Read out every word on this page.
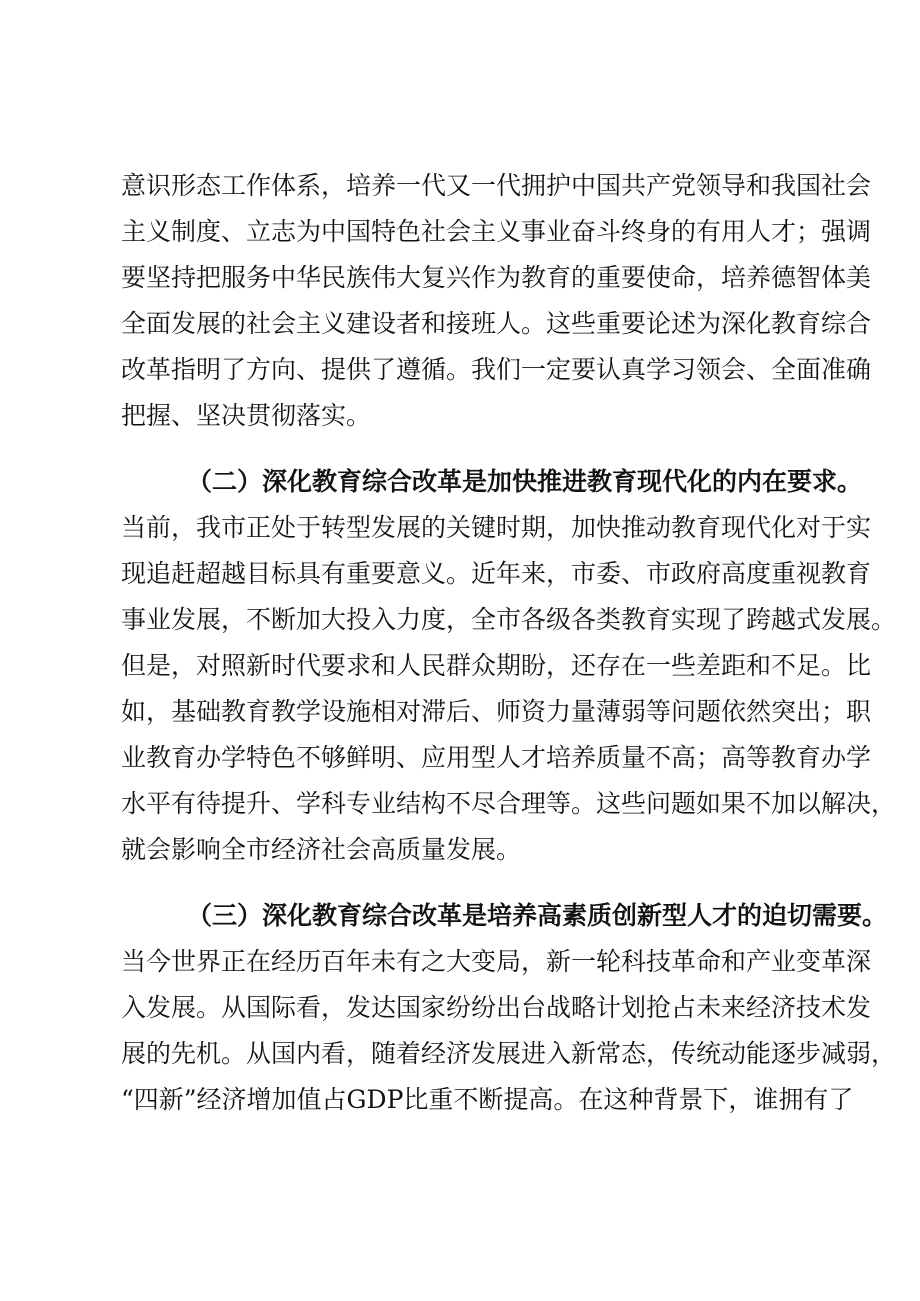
意识形态工作体系，培养一代又一代拥护中国共产党领导和我国社会
主义制度、立志为中国特色社会主义事业奋斗终身的有用人才；强调
要坚持把服务中华民族伟大复兴作为教育的重要使命，培养德智体美
全面发展的社会主义建设者和接班人。这些重要论述为深化教育综合
改革指明了方向、提供了遵循。我们一定要认真学习领会、全面准确
把握、坚决贯彻落实。
（二）深化教育综合改革是加快推进教育现代化的内在要求。
当前，我市正处于转型发展的关键时期，加快推动教育现代化对于实
现追赶超越目标具有重要意义。近年来，市委、市政府高度重视教育
事业发展，不断加大投入力度，全市各级各类教育实现了跨越式发展。
但是，对照新时代要求和人民群众期盼，还存在一些差距和不足。比
如，基础教育教学设施相对滞后、师资力量薄弱等问题依然突出；职
业教育办学特色不够鲜明、应用型人才培养质量不高；高等教育办学
水平有待提升、学科专业结构不尽合理等。这些问题如果不加以解决，
就会影响全市经济社会高质量发展。
（三）深化教育综合改革是培养高素质创新型人才的迫切需要。
当今世界正在经历百年未有之大变局，新一轮科技革命和产业变革深
入发展。从国际看，发达国家纷纷出台战略计划抢占未来经济技术发
展的先机。从国内看，随着经济发展进入新常态，传统动能逐步减弱，
“四新”经济增加值占GDP比重不断提高。在这种背景下，谁拥有了
